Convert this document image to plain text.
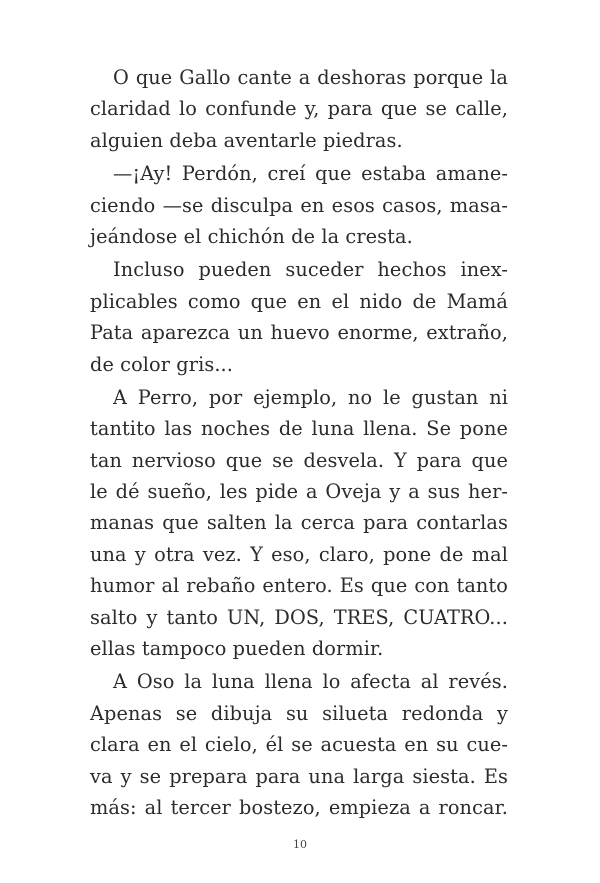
O que Gallo cante a deshoras porque la
claridad lo confunde y, para que se calle,
alguien deba aventarle piedras.
—¡Ay! Perdón, creí que estaba amane-
ciendo —se disculpa en esos casos, masa-
jeándose el chichón de la cresta.
Incluso pueden suceder hechos inex-
plicables como que en el nido de Mamá
Pata aparezca un huevo enorme, extraño,
de color gris...
A Perro, por ejemplo, no le gustan ni
tantito las noches de luna llena. Se pone
tan nervioso que se desvela. Y para que
le dé sueño, les pide a Oveja y a sus her-
manas que salten la cerca para contarlas
una y otra vez. Y eso, claro, pone de mal
humor al rebaño entero. Es que con tanto
salto y tanto UN, DOS, TRES, CUATRO...
ellas tampoco pueden dormir.
A Oso la luna llena lo afecta al revés.
Apenas se dibuja su silueta redonda y
clara en el cielo, él se acuesta en su cue-
va y se prepara para una larga siesta. Es
más: al tercer bostezo, empieza a roncar.
10
